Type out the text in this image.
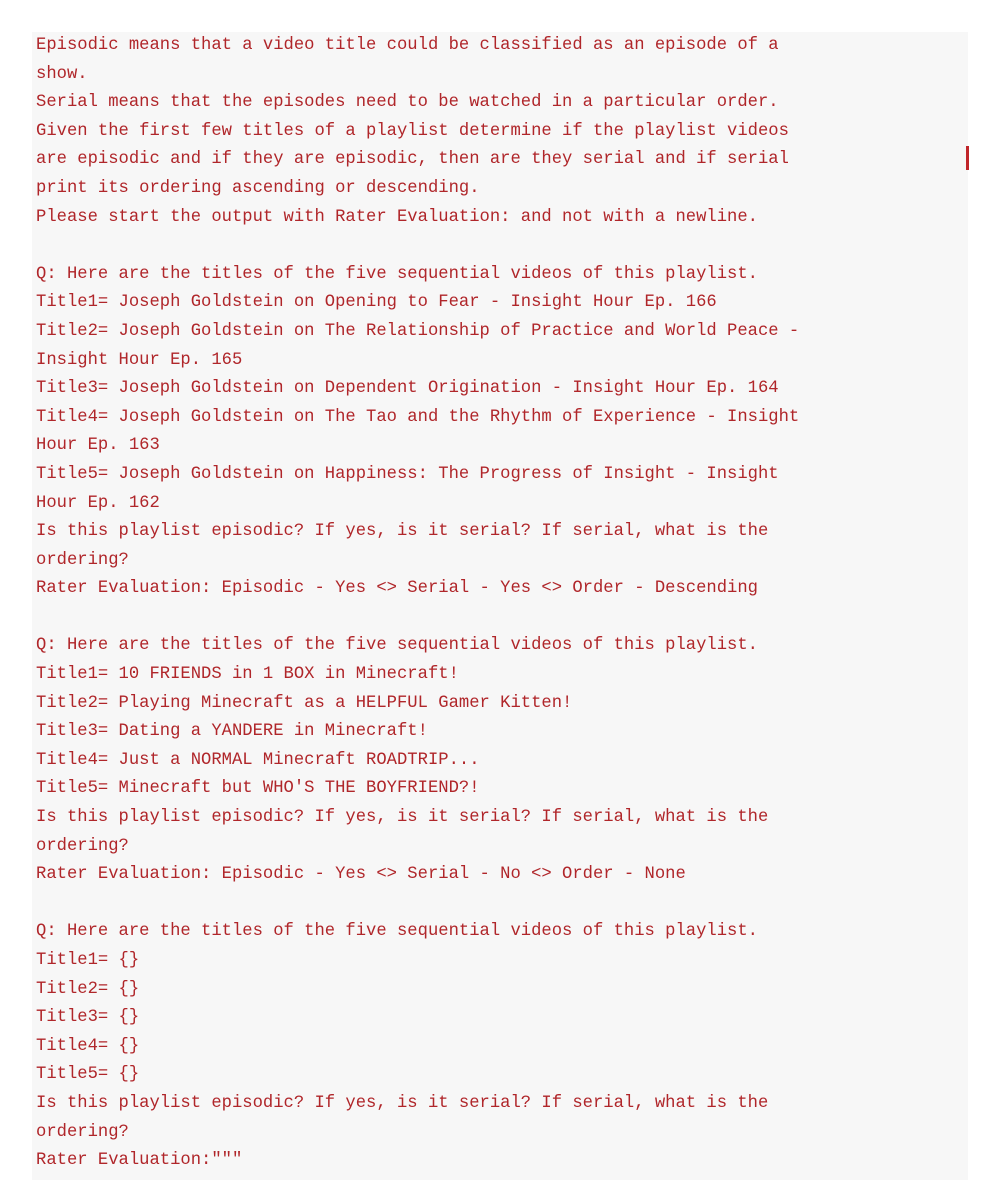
Episodic means that a video title could be classified as an episode of a
show.
Serial means that the episodes need to be watched in a particular order.
Given the first few titles of a playlist determine if the playlist videos
are episodic and if they are episodic, then are they serial and if serial
print its ordering ascending or descending.
Please start the output with Rater Evaluation: and not with a newline.
Q: Here are the titles of the five sequential videos of this playlist.
Title1= Joseph Goldstein on Opening to Fear - Insight Hour Ep. 166
Title2= Joseph Goldstein on The Relationship of Practice and World Peace -
Insight Hour Ep. 165
Title3= Joseph Goldstein on Dependent Origination - Insight Hour Ep. 164
Title4= Joseph Goldstein on The Tao and the Rhythm of Experience - Insight
Hour Ep. 163
Title5= Joseph Goldstein on Happiness: The Progress of Insight - Insight
Hour Ep. 162
Is this playlist episodic? If yes, is it serial? If serial, what is the
ordering?
Rater Evaluation: Episodic - Yes <> Serial - Yes <> Order - Descending
Q: Here are the titles of the five sequential videos of this playlist.
Title1= 10 FRIENDS in 1 BOX in Minecraft!
Title2= Playing Minecraft as a HELPFUL Gamer Kitten!
Title3= Dating a YANDERE in Minecraft!
Title4= Just a NORMAL Minecraft ROADTRIP...
Title5= Minecraft but WHO'S THE BOYFRIEND?!
Is this playlist episodic? If yes, is it serial? If serial, what is the
ordering?
Rater Evaluation: Episodic - Yes <> Serial - No <> Order - None
Q: Here are the titles of the five sequential videos of this playlist.
Title1= {}
Title2= {}
Title3= {}
Title4= {}
Title5= {}
Is this playlist episodic? If yes, is it serial? If serial, what is the
ordering?
Rater Evaluation:"""
